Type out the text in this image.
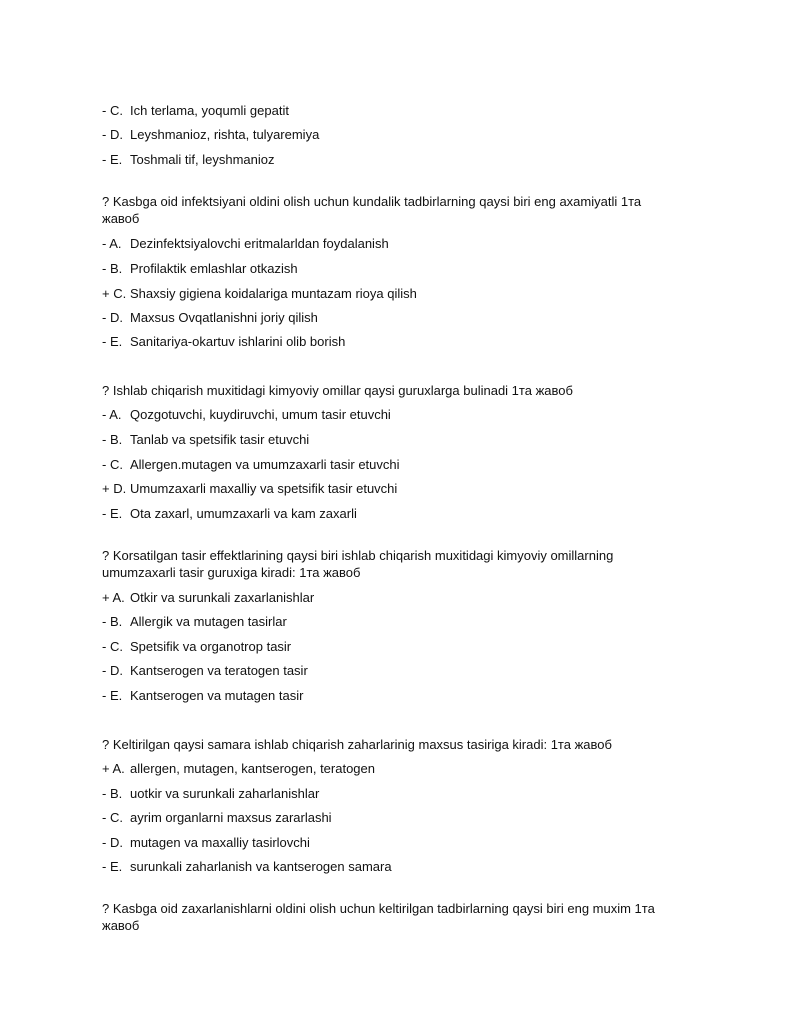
- C. Ich terlama, yoqumli gepatit
- D. Leyshmanioz, rishta, tulyaremiya
- E. Toshmali tif, leyshmanioz
? Kasbga oid infektsiyani oldini olish uchun kundalik tadbirlarning qaysi biri eng axamiyatli 1та жавоб
- A. Dezinfektsiyalovchi eritmalarldan foydalanish
- B. Profilaktik emlashlar otkazish
+ C. Shaxsiy gigiena koidalariga muntazam rioya qilish
- D. Maxsus Ovqatlanishni joriy qilish
- E. Sanitariya-okartuv ishlarini olib borish
? Ishlab chiqarish muxitidagi kimyoviy omillar qaysi guruxlarga bulinadi 1та жавоб
- A. Qozgotuvchi, kuydiruvchi, umum tasir etuvchi
- B. Tanlab va spetsifik tasir etuvchi
- C. Allergen.mutagen va umumzaxarli tasir etuvchi
+ D. Umumzaxarli maxalliy va spetsifik tasir etuvchi
- E. Ota zaxarl, umumzaxarli va kam zaxarli
? Korsatilgan tasir effektlarining qaysi biri ishlab chiqarish muxitidagi kimyoviy omillarning umumzaxarli tasir guruxiga kiradi: 1та жавоб
+ A. Otkir va surunkali zaxarlanishlar
- B. Allergik va mutagen tasirlar
- C. Spetsifik va organotrop tasir
- D. Kantserogen va teratogen tasir
- E. Kantserogen va mutagen tasir
? Keltirilgan qaysi samara ishlab chiqarish zaharlarinig maxsus tasiriga kiradi: 1та жавоб
+ A. allergen, mutagen, kantserogen, teratogen
- B. uotkir va surunkali zaharlanishlar
- C. ayrim organlarni maxsus zararlashi
- D. mutagen va maxalliy tasirlovchi
- E. surunkali zaharlanish va kantserogen samara
? Kasbga oid zaxarlanishlarni oldini olish uchun keltirilgan tadbirlarning qaysi biri eng muxim 1та жавоб
